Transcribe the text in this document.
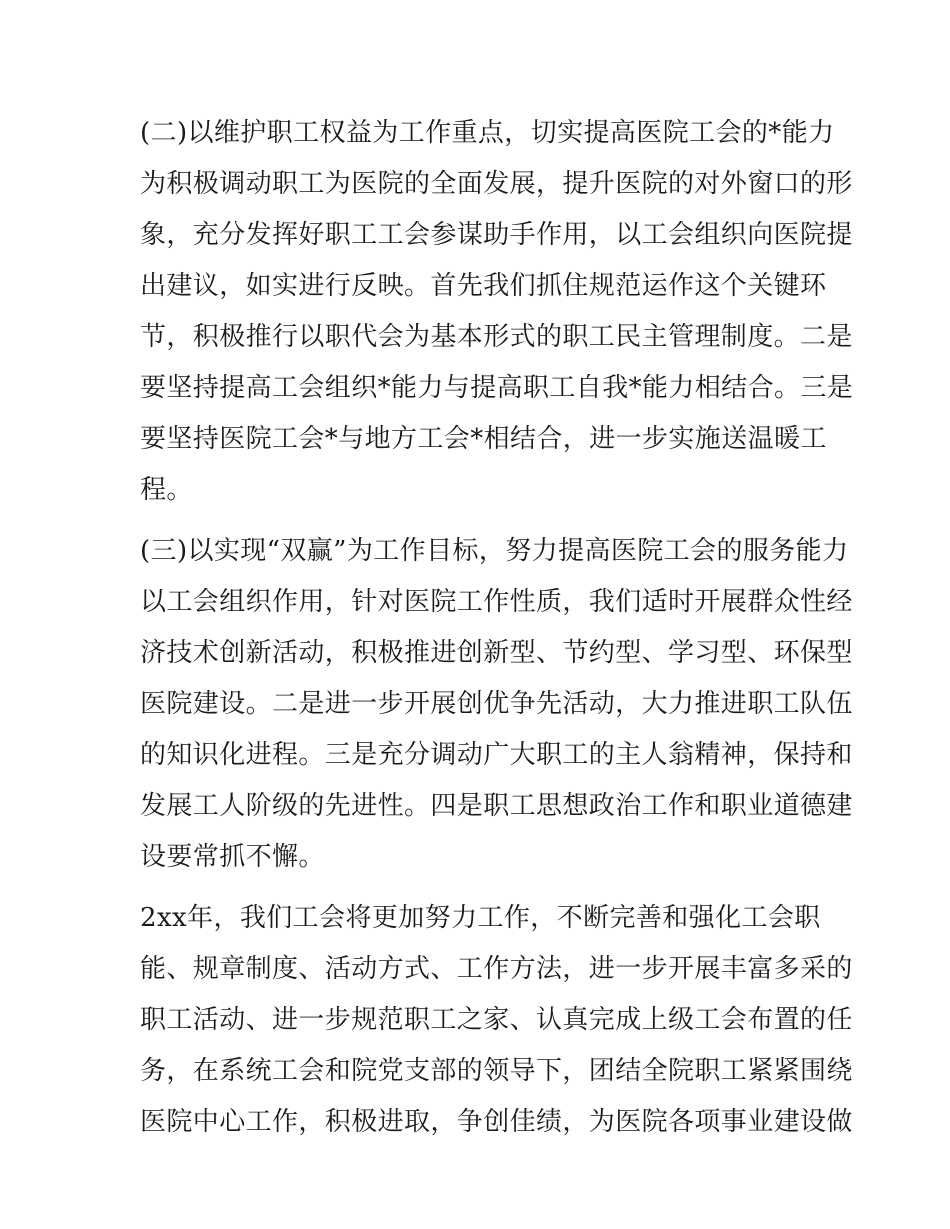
(二)以维护职工权益为工作重点，切实提高医院工会的*能力
为积极调动职工为医院的全面发展，提升医院的对外窗口的形
象，充分发挥好职工工会参谋助手作用，以工会组织向医院提
出建议，如实进行反映。首先我们抓住规范运作这个关键环
节，积极推行以职代会为基本形式的职工民主管理制度。二是
要坚持提高工会组织*能力与提高职工自我*能力相结合。三是
要坚持医院工会*与地方工会*相结合，进一步实施送温暖工
程。
(三)以实现“双赢”为工作目标，努力提高医院工会的服务能力
以工会组织作用，针对医院工作性质，我们适时开展群众性经
济技术创新活动，积极推进创新型、节约型、学习型、环保型
医院建设。二是进一步开展创优争先活动，大力推进职工队伍
的知识化进程。三是充分调动广大职工的主人翁精神，保持和
发展工人阶级的先进性。四是职工思想政治工作和职业道德建
设要常抓不懈。
2xx年，我们工会将更加努力工作，不断完善和强化工会职
能、规章制度、活动方式、工作方法，进一步开展丰富多采的
职工活动、进一步规范职工之家、认真完成上级工会布置的任
务，在系统工会和院党支部的领导下，团结全院职工紧紧围绕
医院中心工作，积极进取，争创佳绩，为医院各项事业建设做
